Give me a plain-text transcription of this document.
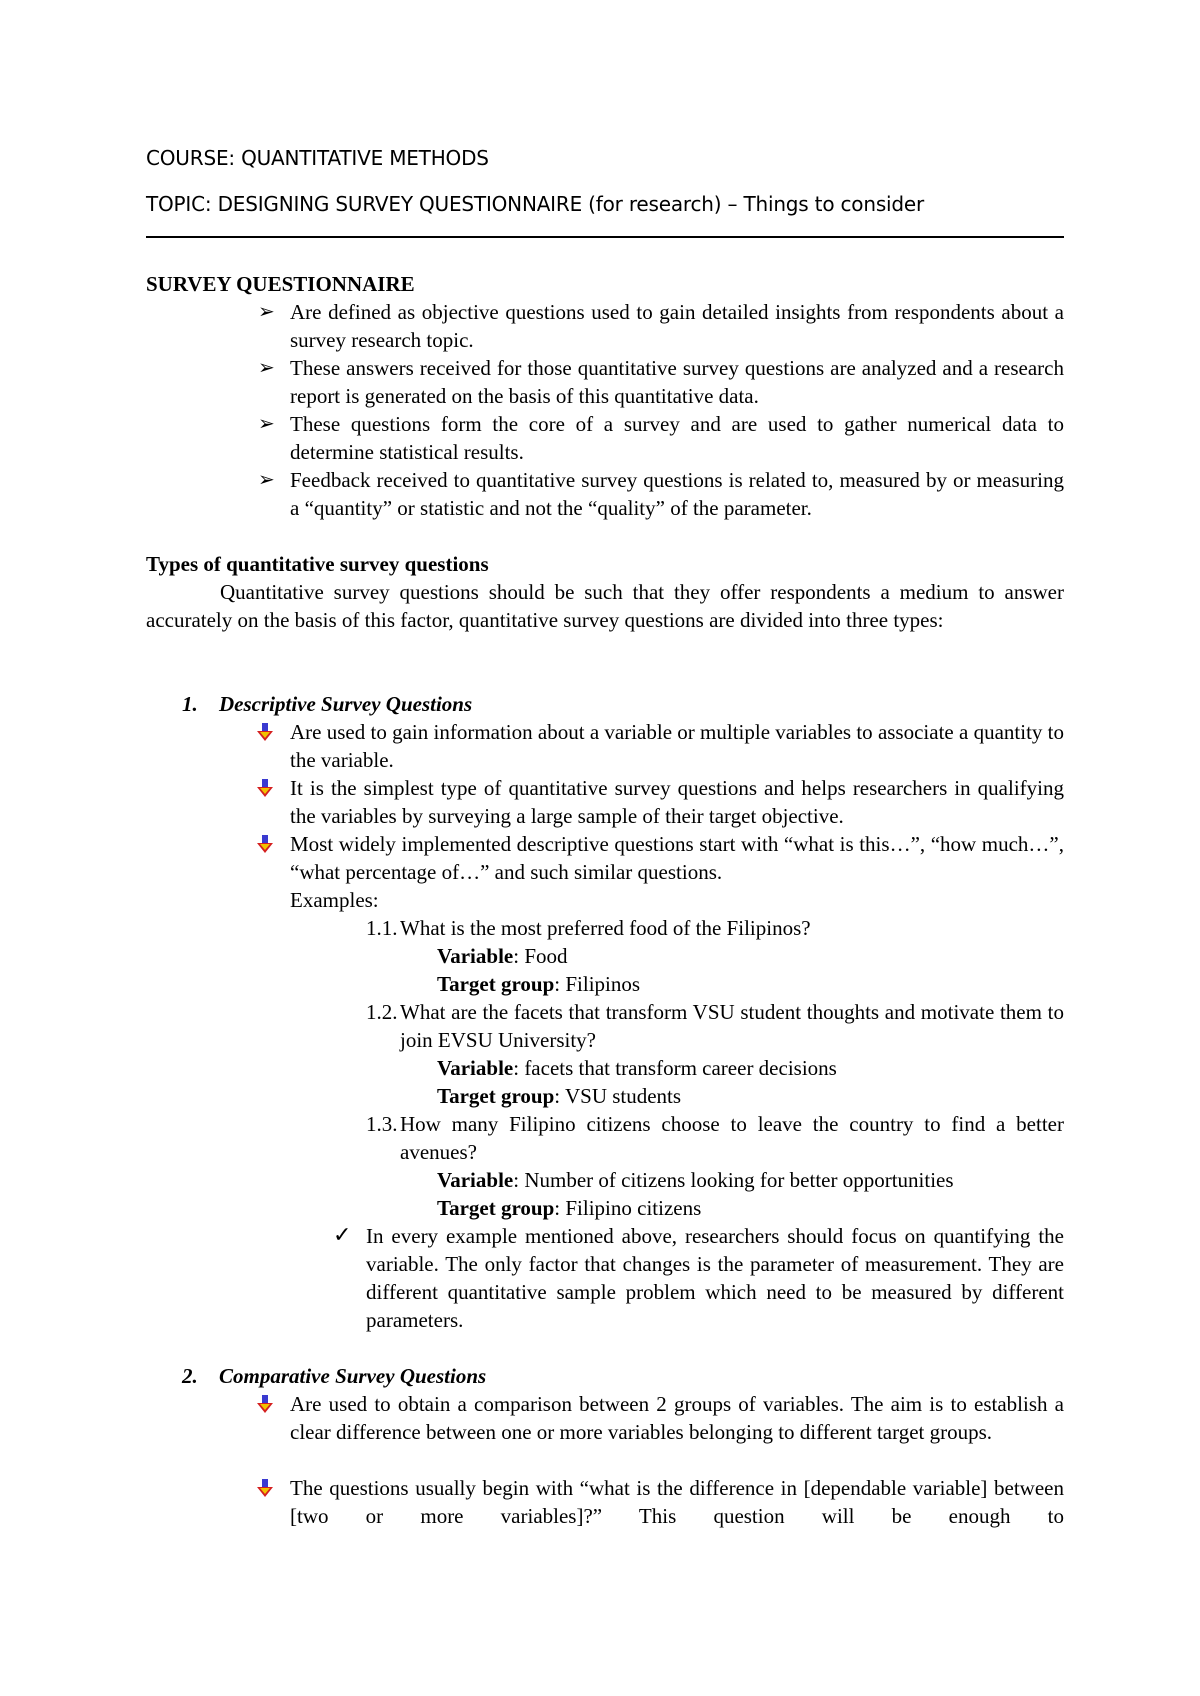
COURSE: QUANTITATIVE METHODS
TOPIC: DESIGNING SURVEY QUESTIONNAIRE (for research) – Things to consider
SURVEY QUESTIONNAIRE
➢ Are defined as objective questions used to gain detailed insights from respondents about a survey research topic.
➢ These answers received for those quantitative survey questions are analyzed and a research report is generated on the basis of this quantitative data.
➢ These questions form the core of a survey and are used to gather numerical data to determine statistical results.
➢ Feedback received to quantitative survey questions is related to, measured by or measuring a “quantity” or statistic and not the “quality” of the parameter.
Types of quantitative survey questions
Quantitative survey questions should be such that they offer respondents a medium to answer accurately on the basis of this factor, quantitative survey questions are divided into three types:
1. Descriptive Survey Questions
Are used to gain information about a variable or multiple variables to associate a quantity to the variable.
It is the simplest type of quantitative survey questions and helps researchers in qualifying the variables by surveying a large sample of their target objective.
Most widely implemented descriptive questions start with “what is this…”, “how much…”, “what percentage of…” and such similar questions.
Examples:
1.1. What is the most preferred food of the Filipinos?
Variable: Food
Target group: Filipinos
1.2. What are the facets that transform VSU student thoughts and motivate them to join EVSU University?
Variable: facets that transform career decisions
Target group: VSU students
1.3. How many Filipino citizens choose to leave the country to find a better avenues?
Variable: Number of citizens looking for better opportunities
Target group: Filipino citizens
✓ In every example mentioned above, researchers should focus on quantifying the variable. The only factor that changes is the parameter of measurement. They are different quantitative sample problem which need to be measured by different parameters.
2. Comparative Survey Questions
Are used to obtain a comparison between 2 groups of variables. The aim is to establish a clear difference between one or more variables belonging to different target groups.
The questions usually begin with “what is the difference in [dependable variable] between [two or more variables]?” This question will be enough to
